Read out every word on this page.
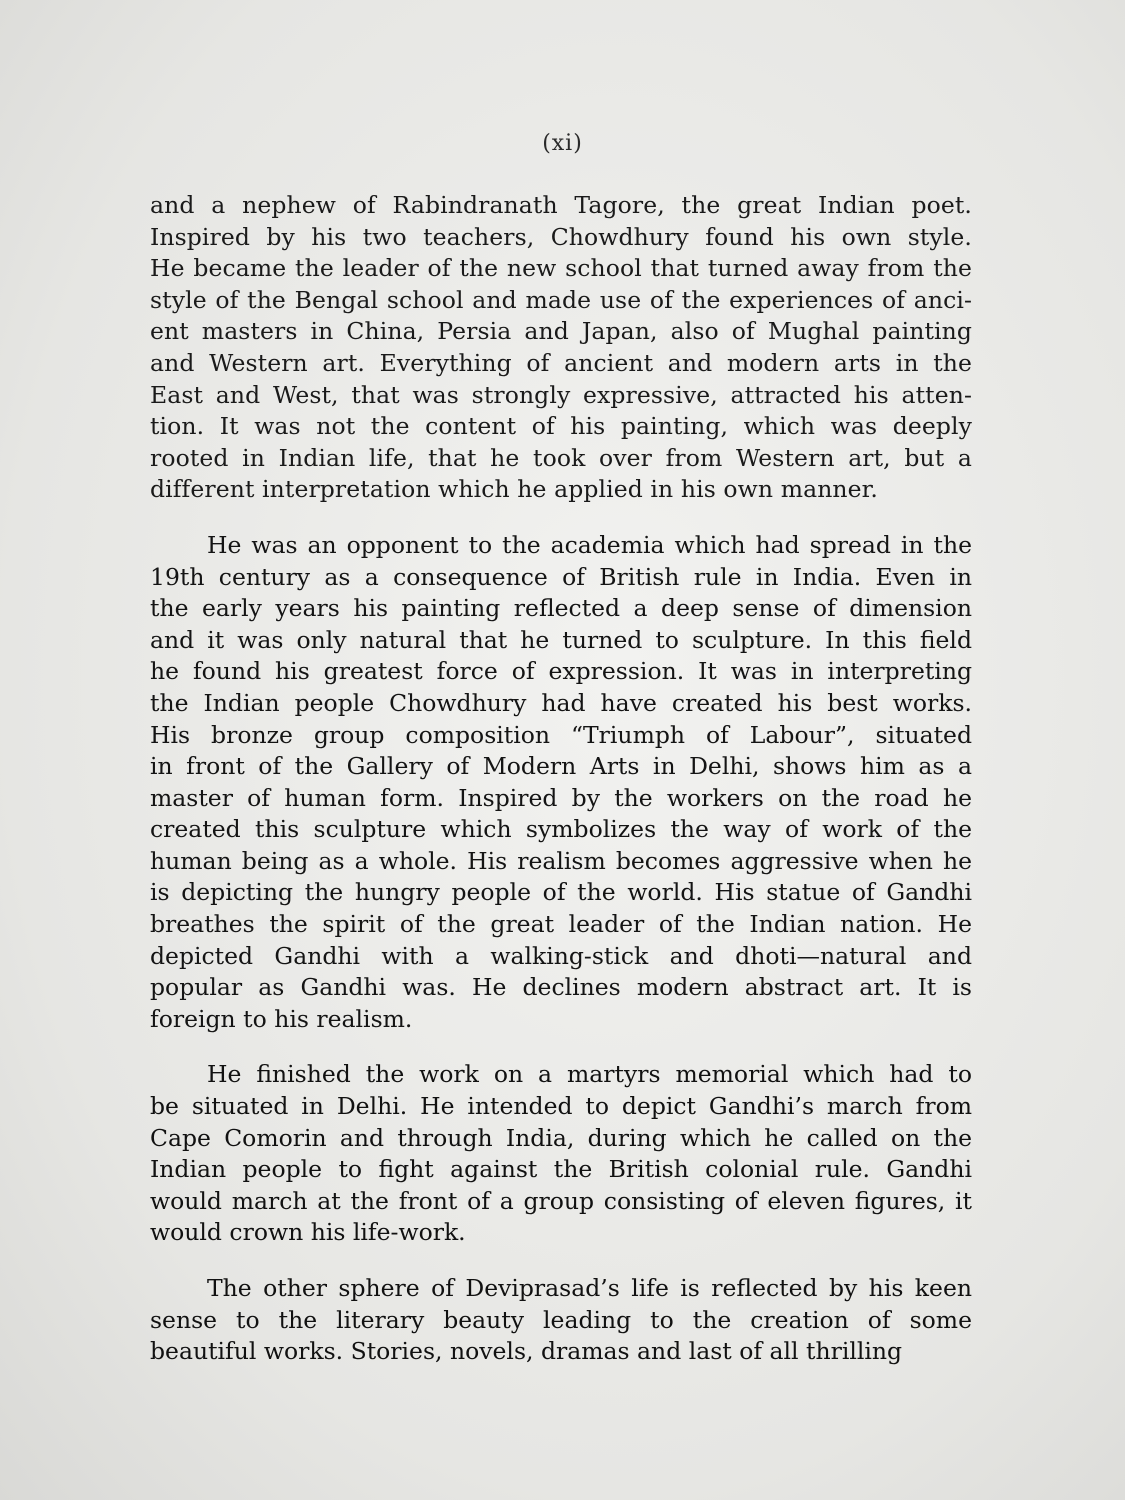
(xi)

and a nephew of Rabindranath Tagore, the great Indian poet.
Inspired by his two teachers, Chowdhury found his own style.
He became the leader of the new school that turned away from the
style of the Bengal school and made use of the experiences of anci-
ent masters in China, Persia and Japan, also of Mughal painting
and Western art. Everything of ancient and modern arts in the
East and West, that was strongly expressive, attracted his atten-
tion. It was not the content of his painting, which was deeply
rooted in Indian life, that he took over from Western art, but a
different interpretation which he applied in his own manner.

He was an opponent to the academia which had spread in the
19th century as a consequence of British rule in India. Even in
the early years his painting reflected a deep sense of dimension
and it was only natural that he turned to sculpture. In this field
he found his greatest force of expression. It was in interpreting
the Indian people Chowdhury had have created his best works.
His bronze group composition “Triumph of Labour”, situated
in front of the Gallery of Modern Arts in Delhi, shows him as a
master of human form. Inspired by the workers on the road he
created this sculpture which symbolizes the way of work of the
human being as a whole. His realism becomes aggressive when he
is depicting the hungry people of the world. His statue of Gandhi
breathes the spirit of the great leader of the Indian nation. He
depicted Gandhi with a walking-stick and dhoti—natural and
popular as Gandhi was. He declines modern abstract art. It is
foreign to his realism.

He finished the work on a martyrs memorial which had to
be situated in Delhi. He intended to depict Gandhi’s march from
Cape Comorin and through India, during which he called on the
Indian people to fight against the British colonial rule. Gandhi
would march at the front of a group consisting of eleven figures, it
would crown his life-work.

The other sphere of Deviprasad’s life is reflected by his keen
sense to the literary beauty leading to the creation of some
beautiful works. Stories, novels, dramas and last of all thrilling
